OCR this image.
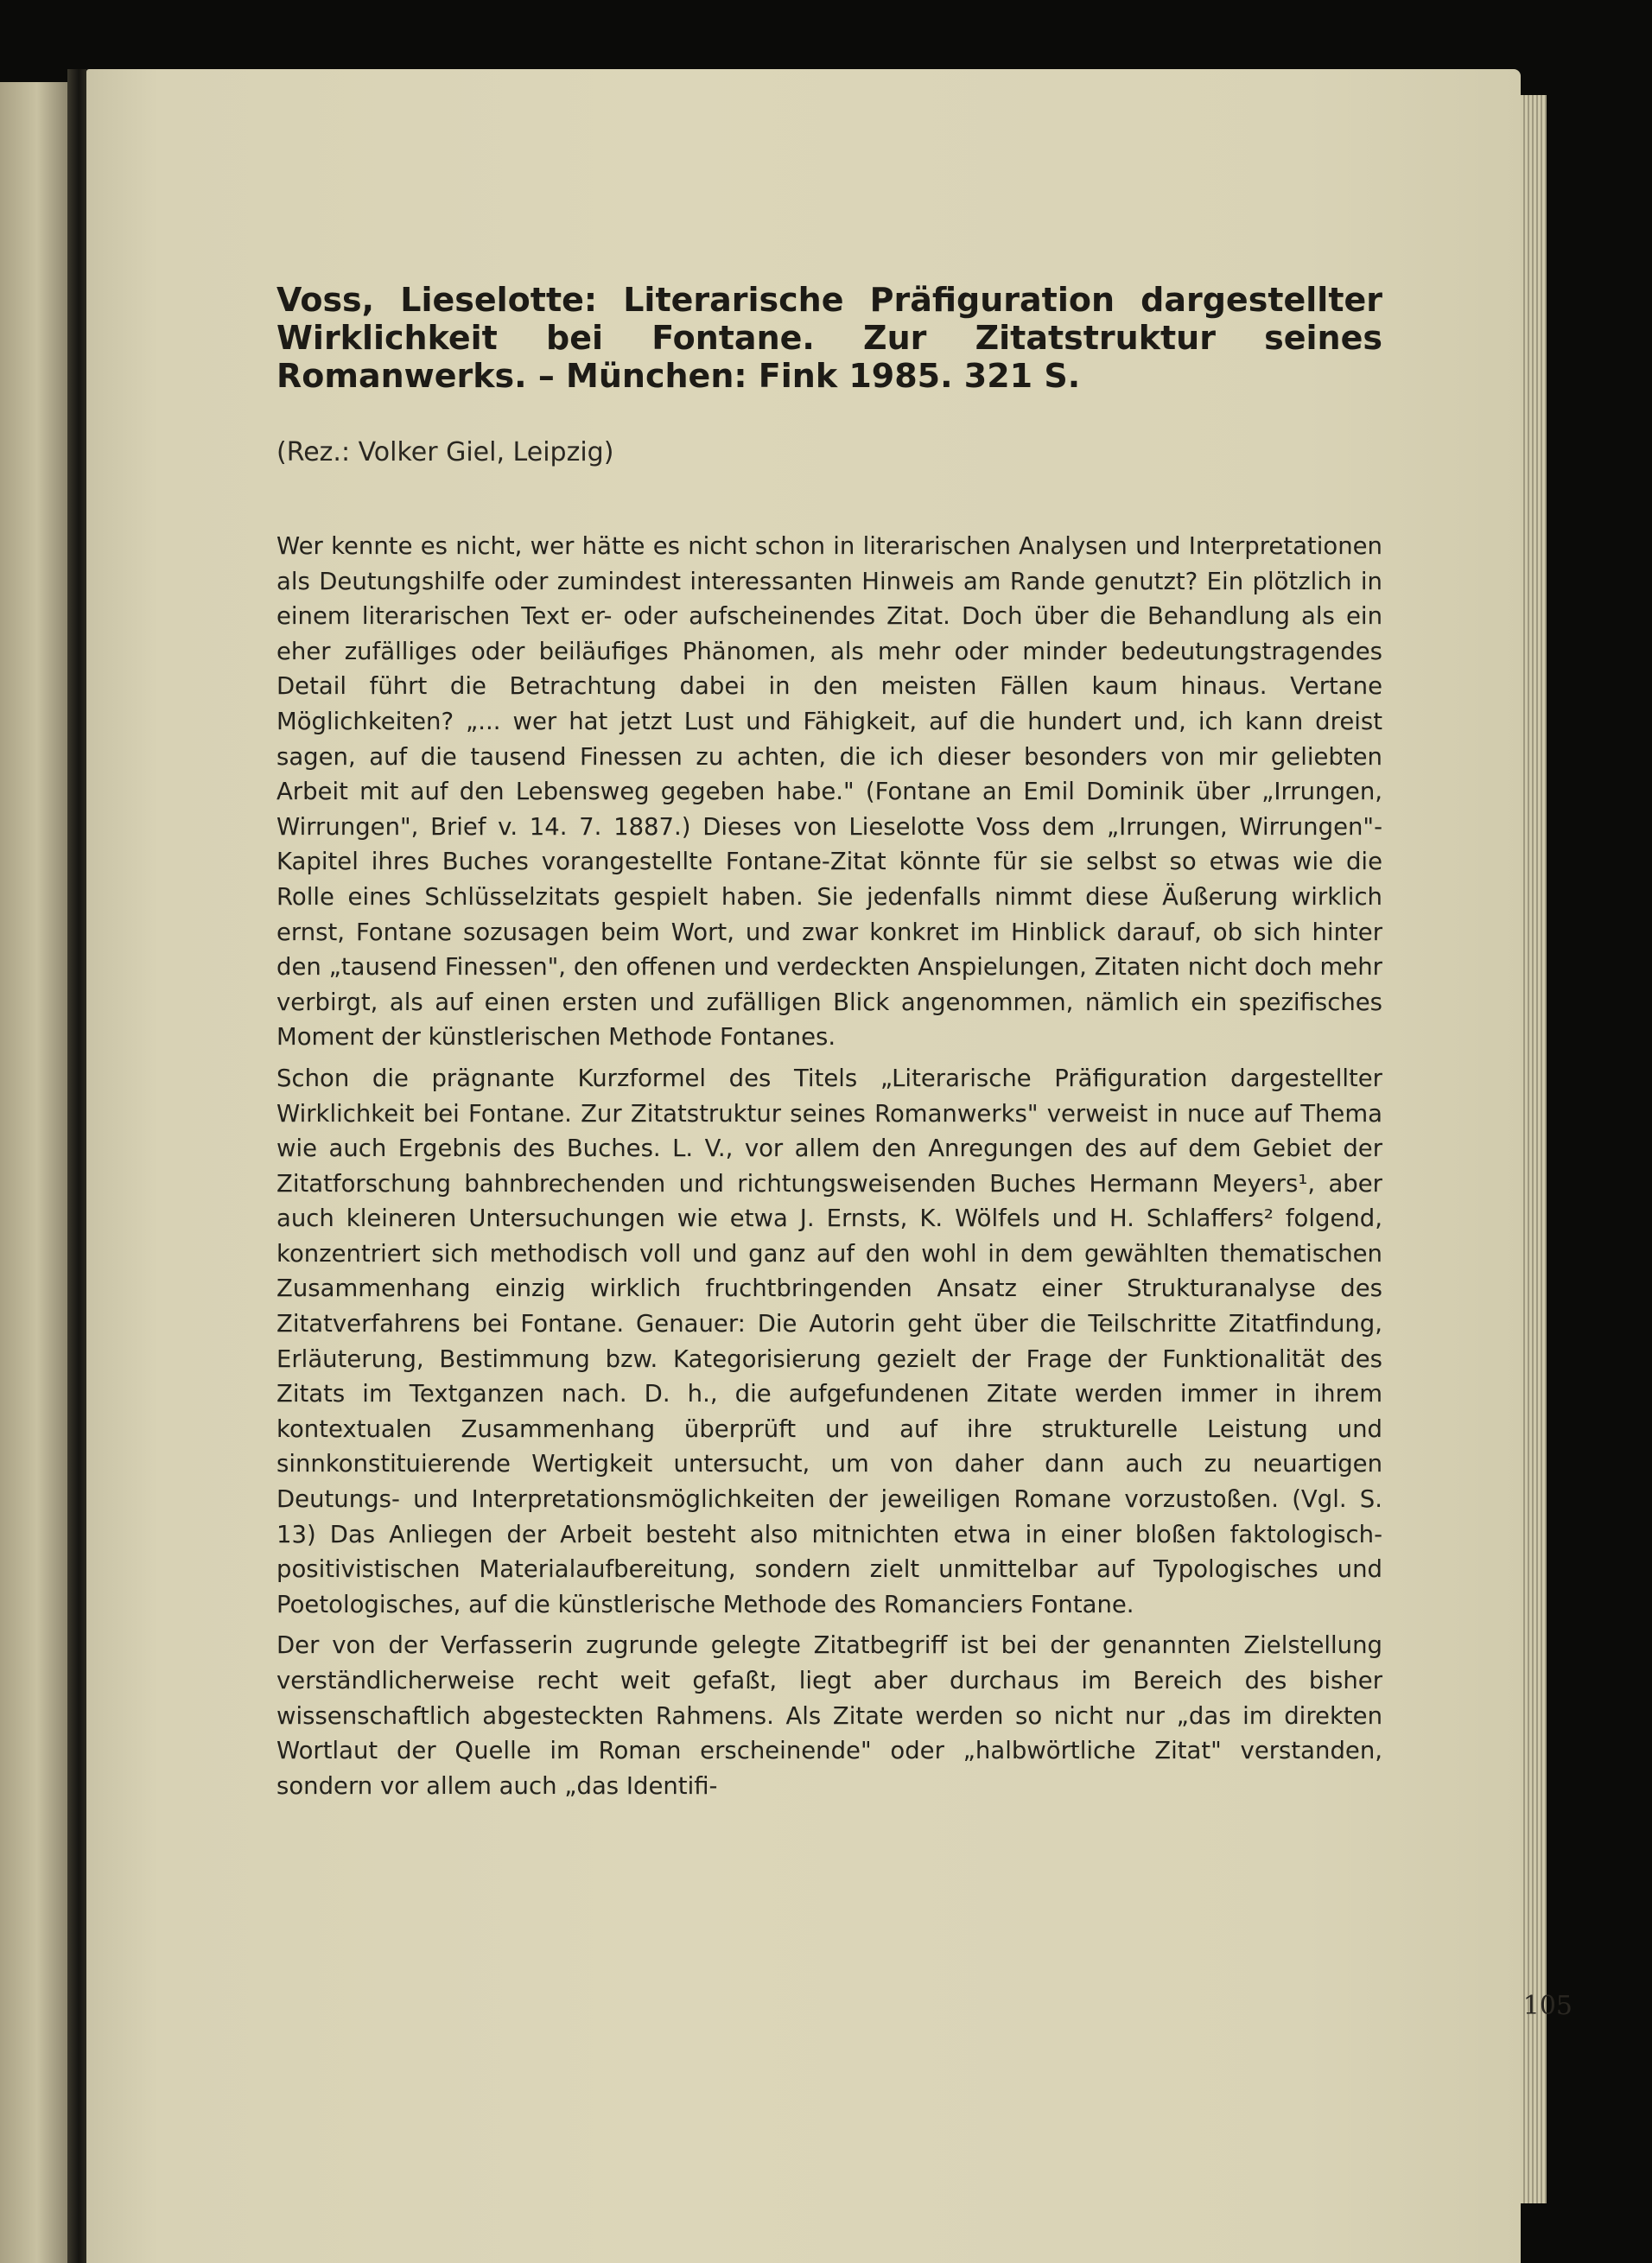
Voss, Lieselotte: Literarische Präfiguration dargestellter Wirklichkeit bei Fontane. Zur Zitatstruktur seines Romanwerks. – München: Fink 1985. 321 S.

(Rez.: Volker Giel, Leipzig)

Wer kennte es nicht, wer hätte es nicht schon in literarischen Analysen und Interpretationen als Deutungshilfe oder zumindest interessanten Hinweis am Rande genutzt? Ein plötzlich in einem literarischen Text er- oder aufscheinendes Zitat. Doch über die Behandlung als ein eher zufälliges oder beiläufiges Phänomen, als mehr oder minder bedeutungstragendes Detail führt die Betrachtung dabei in den meisten Fällen kaum hinaus. Vertane Möglichkeiten? „... wer hat jetzt Lust und Fähigkeit, auf die hundert und, ich kann dreist sagen, auf die tausend Finessen zu achten, die ich dieser besonders von mir geliebten Arbeit mit auf den Lebensweg gegeben habe." (Fontane an Emil Dominik über „Irrungen, Wirrungen", Brief v. 14. 7. 1887.) Dieses von Lieselotte Voss dem „Irrungen, Wirrungen"-Kapitel ihres Buches vorangestellte Fontane-Zitat könnte für sie selbst so etwas wie die Rolle eines Schlüsselzitats gespielt haben. Sie jedenfalls nimmt diese Äußerung wirklich ernst, Fontane sozusagen beim Wort, und zwar konkret im Hinblick darauf, ob sich hinter den „tausend Finessen", den offenen und verdeckten Anspielungen, Zitaten nicht doch mehr verbirgt, als auf einen ersten und zufälligen Blick angenommen, nämlich ein spezifisches Moment der künstlerischen Methode Fontanes.

Schon die prägnante Kurzformel des Titels „Literarische Präfiguration dargestellter Wirklichkeit bei Fontane. Zur Zitatstruktur seines Romanwerks" verweist in nuce auf Thema wie auch Ergebnis des Buches. L. V., vor allem den Anregungen des auf dem Gebiet der Zitatforschung bahnbrechenden und richtungsweisenden Buches Hermann Meyers¹, aber auch kleineren Untersuchungen wie etwa J. Ernsts, K. Wölfels und H. Schlaffers² folgend, konzentriert sich methodisch voll und ganz auf den wohl in dem gewählten thematischen Zusammenhang einzig wirklich fruchtbringenden Ansatz einer Strukturanalyse des Zitatverfahrens bei Fontane. Genauer: Die Autorin geht über die Teilschritte Zitatfindung, Erläuterung, Bestimmung bzw. Kategorisierung gezielt der Frage der Funktionalität des Zitats im Textganzen nach. D. h., die aufgefundenen Zitate werden immer in ihrem kontextualen Zusammenhang überprüft und auf ihre strukturelle Leistung und sinnkonstituierende Wertigkeit untersucht, um von daher dann auch zu neuartigen Deutungs- und Interpretationsmöglichkeiten der jeweiligen Romane vorzustoßen. (Vgl. S. 13) Das Anliegen der Arbeit besteht also mitnichten etwa in einer bloßen faktologisch-positivistischen Materialaufbereitung, sondern zielt unmittelbar auf Typologisches und Poetologisches, auf die künstlerische Methode des Romanciers Fontane.

Der von der Verfasserin zugrunde gelegte Zitatbegriff ist bei der genannten Zielstellung verständlicherweise recht weit gefaßt, liegt aber durchaus im Bereich des bisher wissenschaftlich abgesteckten Rahmens. Als Zitate werden so nicht nur „das im direkten Wortlaut der Quelle im Roman erscheinende" oder „halbwörtliche Zitat" verstanden, sondern vor allem auch „das Identifi-

105
